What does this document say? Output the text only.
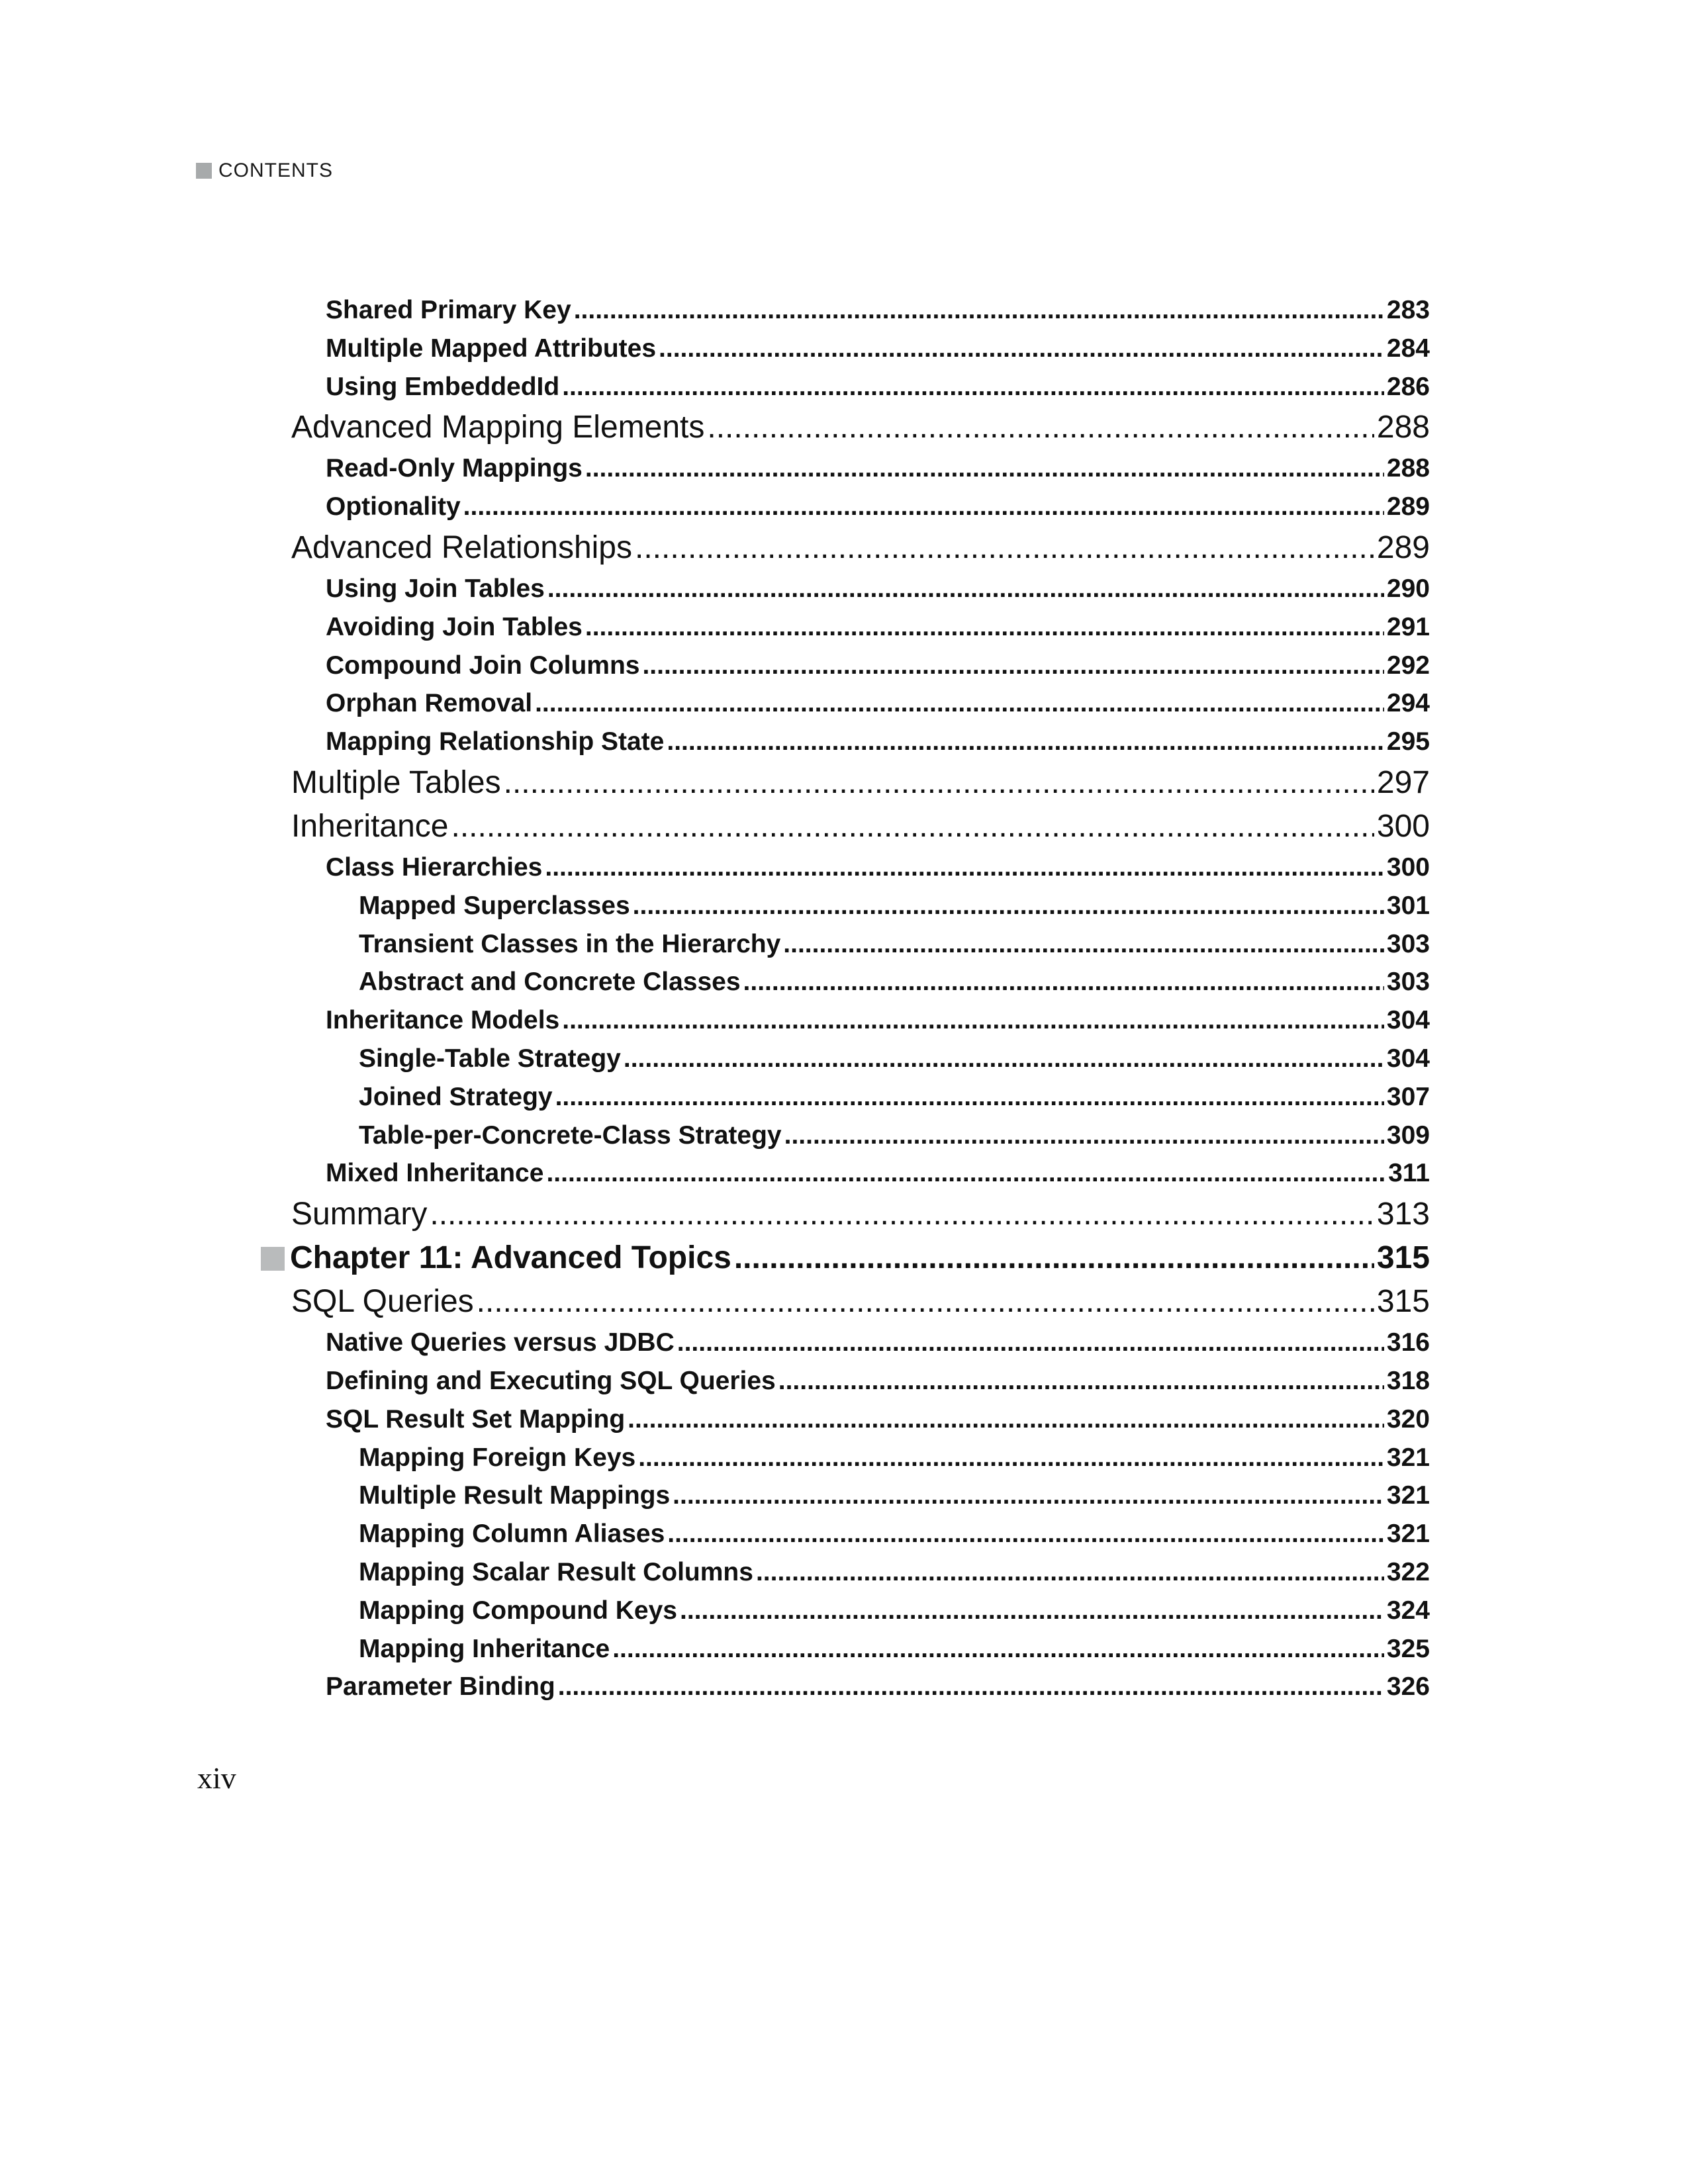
CONTENTS
Shared Primary Key .....	283
Multiple Mapped Attributes .....	284
Using EmbeddedId .....	286
Advanced Mapping Elements .....	288
Read-Only Mappings .....	288
Optionality .....	289
Advanced Relationships .....	289
Using Join Tables .....	290
Avoiding Join Tables .....	291
Compound Join Columns .....	292
Orphan Removal .....	294
Mapping Relationship State .....	295
Multiple Tables .....	297
Inheritance .....	300
Class Hierarchies .....	300
Mapped Superclasses .....	301
Transient Classes in the Hierarchy .....	303
Abstract and Concrete Classes .....	303
Inheritance Models .....	304
Single-Table Strategy .....	304
Joined Strategy .....	307
Table-per-Concrete-Class Strategy .....	309
Mixed Inheritance .....	311
Summary .....	313
Chapter 11: Advanced Topics .....	315
SQL Queries .....	315
Native Queries versus JDBC .....	316
Defining and Executing SQL Queries .....	318
SQL Result Set Mapping .....	320
Mapping Foreign Keys .....	321
Multiple Result Mappings .....	321
Mapping Column Aliases .....	321
Mapping Scalar Result Columns .....	322
Mapping Compound Keys .....	324
Mapping Inheritance .....	325
Parameter Binding .....	326
xiv
